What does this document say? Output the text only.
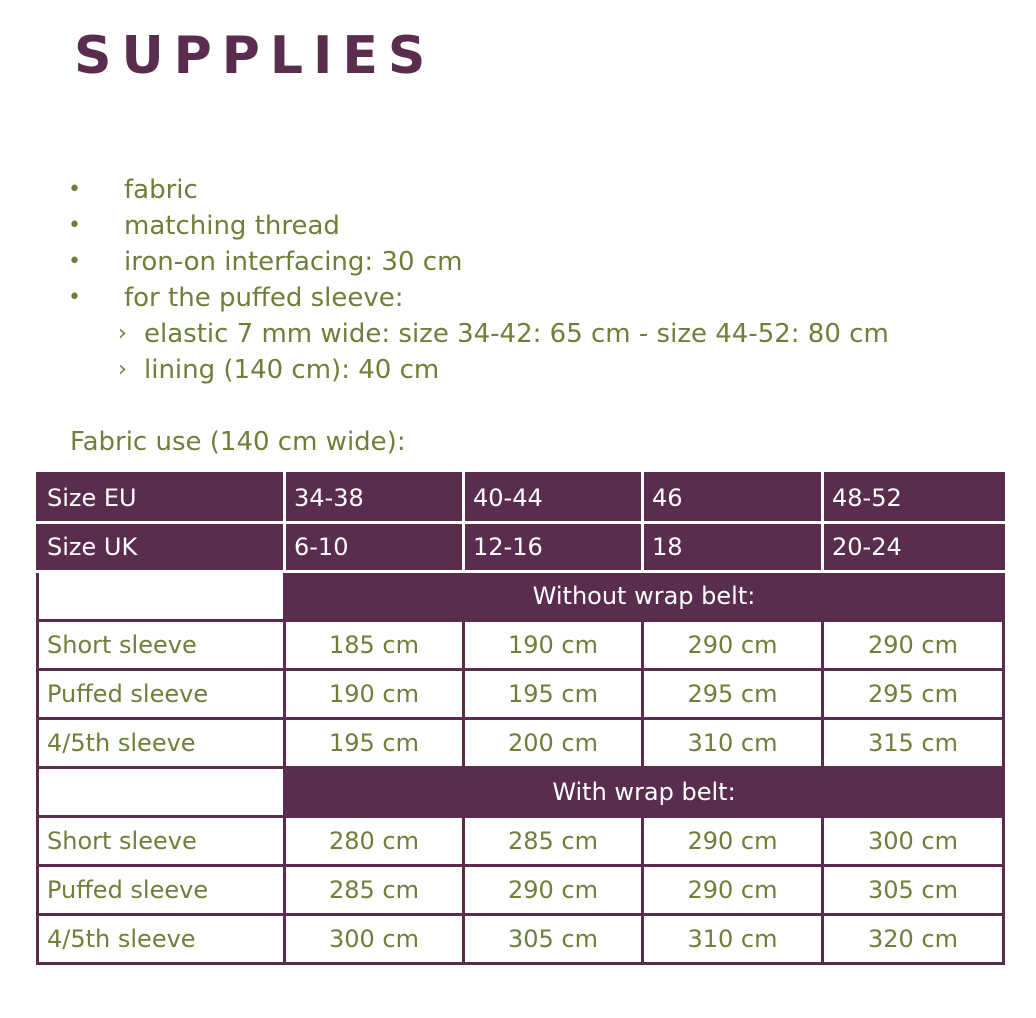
SUPPLIES
• fabric
• matching thread
• iron-on interfacing: 30 cm
• for the puffed sleeve:
› elastic 7 mm wide: size 34-42: 65 cm - size 44-52: 80 cm
› lining (140 cm): 40 cm
Fabric use (140 cm wide):
Size EU	34-38	40-44	46	48-52
Size UK	6-10	12-16	18	20-24
	Without wrap belt:			
Short sleeve	185 cm	190 cm	290 cm	290 cm
Puffed sleeve	190 cm	195 cm	295 cm	295 cm
4/5th sleeve	195 cm	200 cm	310 cm	315 cm
	With wrap belt:			
Short sleeve	280 cm	285 cm	290 cm	300 cm
Puffed sleeve	285 cm	290 cm	290 cm	305 cm
4/5th sleeve	300 cm	305 cm	310 cm	320 cm
